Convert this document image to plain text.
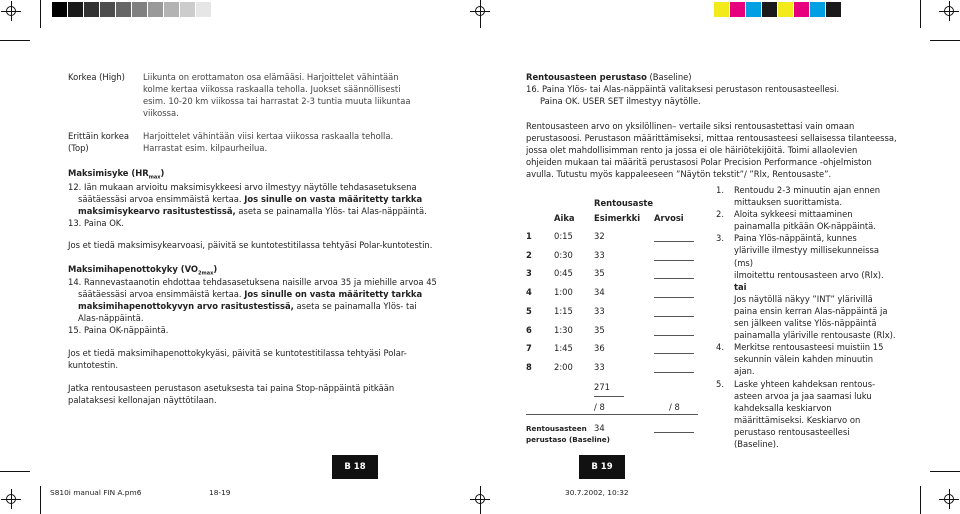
Korkea (High) Liikunta on erottamaton osa elämääsi. Harjoittelet vähintään
kolme kertaa viikossa raskaalla teholla. Juokset säännöllisesti
esim. 10-20 km viikossa tai harrastat 2-3 tuntia muuta liikuntaa
viikossa.
Erittäin korkea
(Top)
Harjoittelet vähintään viisi kertaa viikossa raskaalla teholla.
Harrastat esim. kilpaurheilua.
Maksimisyke $(HR_{max})$
12. Iän mukaan arvioitu maksimisykkeesi arvo ilmestyy näytölle tehdasasetuksena
säätäessäsi arvoa ensimmäistä kertaa. Jos sinulle on vasta määritetty tarkka
maksimisykearvo rasitustestissä, aseta se painamalla Ylös- tai Alas-näppäintä.
13. Paina OK.
Jos et tiedä maksimisykearvoasi, päivitä se kuntotestitilassa tehtyäsi Polar-kuntotestin.
Maksimihapenottokyky $(VO_{2max})$
14. Rannevastaanotin ehdottaa tehdasasetuksena naisille arvoa 35 ja miehille arvoa 45
säätäessäsi arvoa ensimmäistä kertaa. Jos sinulle on vasta määritetty tarkka
maksimihapenottokyvyn arvo rasitustestissä, aseta se painamalla Ylös- tai
Alas-näppäintä.
15. Paina OK-näppäintä.
Jos et tiedä maksimihapenottokykyäsi, päivitä se kuntotestitilassa tehtyäsi Polar-
kuntotestin.
Jatka rentousasteen perustason asetuksesta tai paina Stop-näppäintä pitkään
palataksesi kellonajan näyttötilaan.
B 18
Rentousasteen perustaso (Baseline)
16. Paina Ylös- tai Alas-näppäintä valitaksesi perustason rentousasteellesi.
Paina OK. USER SET ilmestyy näytölle.
Rentousasteen arvo on yksilöllinen– vertaile siksi rentousastettasi vain omaan
perustasoosi. Perustason määrittämiseksi, mittaa rentousasteesi sellaisessa tilanteessa,
jossa olet mahdollisimman rento ja jossa ei ole häiriötekijöitä. Toimi allaolevien
ohjeiden mukaan tai määritä perustasosi Polar Precision Performance -ohjelmiston
avulla. Tutustu myös kappaleeseen ”Näytön tekstit”/ ”Rlx, Rentousaste”.
Rentousaste
Aika Esimerkki Arvosi
1	0:15	32
2	0:30	33
3	0:45	35
4	1:00	34
5	1:15	33
6	1:30	35
7	1:45	36
8	2:00	33
271
/ 8	/ 8
Rentousasteen
perustaso (Baseline)
34
1. Rentoudu 2-3 minuutin ajan ennen
mittauksen suorittamista.
2. Aloita sykkeesi mittaaminen
painamalla pitkään OK-näppäintä.
3. Paina Ylös-näppäintä, kunnes
yläriville ilmestyy millisekunneissa (ms)
ilmoitettu rentousasteen arvo (Rlx).
tai
Jos näytöllä näkyy ”INT” ylärivillä
paina ensin kerran Alas-näppäintä ja
sen jälkeen valitse Ylös-näppäintä
painamalla yläriville rentousaste (Rlx).
4. Merkitse rentousasteesi muistiin 15
sekunnin välein kahden minuutin ajan.
5. Laske yhteen kahdeksan rentous-
asteen arvoa ja jaa saamasi luku
kahdeksalla keskiarvon
määrittämiseksi. Keskiarvo on
perustaso rentousasteellesi
(Baseline).
B 19
S810i manual FIN A.pm6	18-19	30.7.2002, 10:32
